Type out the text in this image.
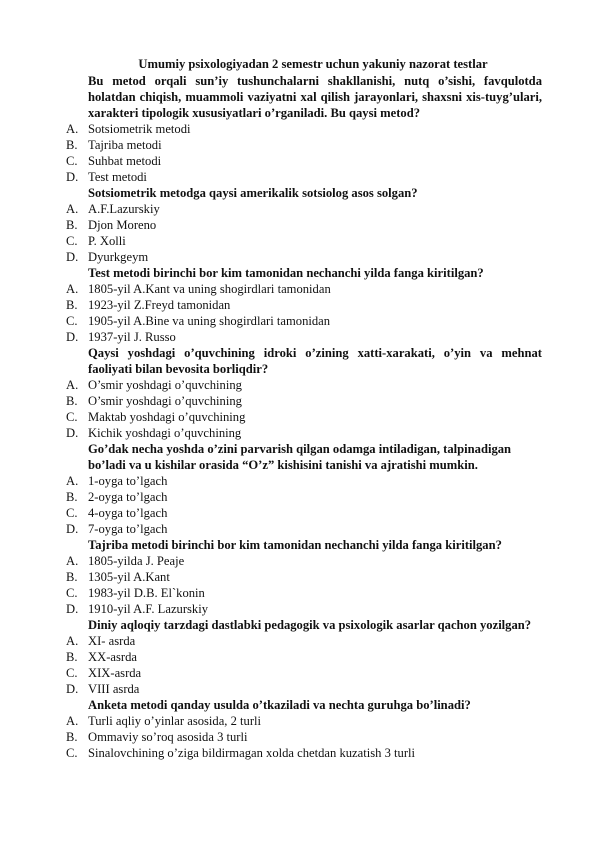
Umumiy psixologiyadan 2 semestr uchun yakuniy nazorat testlar
Bu metod orqali sun’iy tushunchalarni shakllanishi, nutq o’sishi, favqulotda holatdan chiqish, muammoli vaziyatni xal qilish jarayonlari, shaxsni xis-tuyg’ulari, xarakteri tipologik xususiyatlari o’rganiladi. Bu qaysi metod?
A. Sotsiometrik metodi
B. Tajriba metodi
C. Suhbat metodi
D. Test metodi
Sotsiometrik metodga qaysi amerikalik sotsiolog asos solgan?
A. A.F.Lazurskiy
B. Djon Moreno
C. P. Xolli
D. Dyurkgeym
Test metodi birinchi bor kim tamonidan nechanchi yilda fanga kiritilgan?
A. 1805-yil A.Kant va uning shogirdlari tamonidan
B. 1923-yil Z.Freyd tamonidan
C. 1905-yil A.Bine va uning shogirdlari tamonidan
D. 1937-yil J. Russo
Qaysi yoshdagi o’quvchining idroki o’zining xatti-xarakati, o’yin va mehnat faoliyati bilan bevosita borliqdir?
A. O’smir yoshdagi o’quvchining
B. O’smir yoshdagi o’quvchining
C. Maktab yoshdagi o’quvchining
D. Kichik yoshdagi o’quvchining
Go’dak necha yoshda o’zini parvarish qilgan odamga intiladigan, talpinadigan bo’ladi va u kishilar orasida “O’z” kishisini tanishi va ajratishi mumkin.
A. 1-oyga to’lgach
B. 2-oyga to’lgach
C. 4-oyga to’lgach
D. 7-oyga to’lgach
Tajriba metodi birinchi bor kim tamonidan nechanchi yilda fanga kiritilgan?
A. 1805-yilda J. Peaje
B. 1305-yil A.Kant
C. 1983-yil D.B. El`konin
D. 1910-yil A.F. Lazurskiy
Diniy aqloqiy tarzdagi dastlabki pedagogik va psixologik asarlar qachon yozilgan?
A. XI- asrda
B. XX-asrda
C. XIX-asrda
D. VIII asrda
Anketa metodi qanday usulda o’tkaziladi va nechta guruhga bo’linadi?
A. Turli aqliy o’yinlar asosida, 2 turli
B. Ommaviy so’roq asosida 3 turli
C. Sinalovchining o’ziga bildirmagan xolda chetdan kuzatish 3 turli
